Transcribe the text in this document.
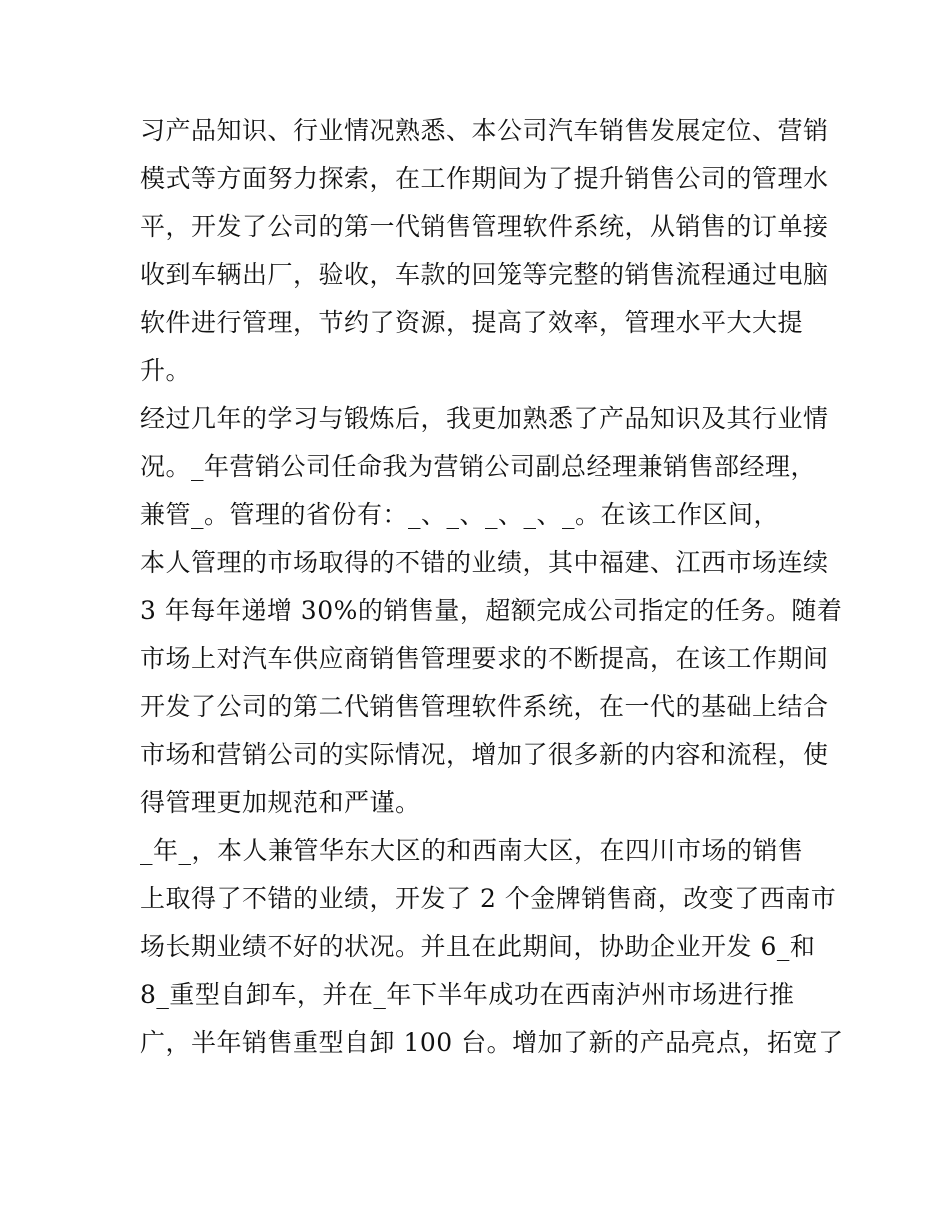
习产品知识、行业情况熟悉、本公司汽车销售发展定位、营销
模式等方面努力探索，在工作期间为了提升销售公司的管理水
平，开发了公司的第一代销售管理软件系统，从销售的订单接
收到车辆出厂，验收，车款的回笼等完整的销售流程通过电脑
软件进行管理，节约了资源，提高了效率，管理水平大大提
升。
经过几年的学习与锻炼后，我更加熟悉了产品知识及其行业情
况。_年营销公司任命我为营销公司副总经理兼销售部经理，
兼管_。管理的省份有：_、_、_、_、_。在该工作区间，
本人管理的市场取得的不错的业绩，其中福建、江西市场连续
3 年每年递增 30%的销售量，超额完成公司指定的任务。随着
市场上对汽车供应商销售管理要求的不断提高，在该工作期间
开发了公司的第二代销售管理软件系统，在一代的基础上结合
市场和营销公司的实际情况，增加了很多新的内容和流程，使
得管理更加规范和严谨。
_年_，本人兼管华东大区的和西南大区，在四川市场的销售
上取得了不错的业绩，开发了 2 个金牌销售商，改变了西南市
场长期业绩不好的状况。并且在此期间，协助企业开发 6_和
8_重型自卸车，并在_年下半年成功在西南泸州市场进行推
广，半年销售重型自卸 100 台。增加了新的产品亮点，拓宽了
